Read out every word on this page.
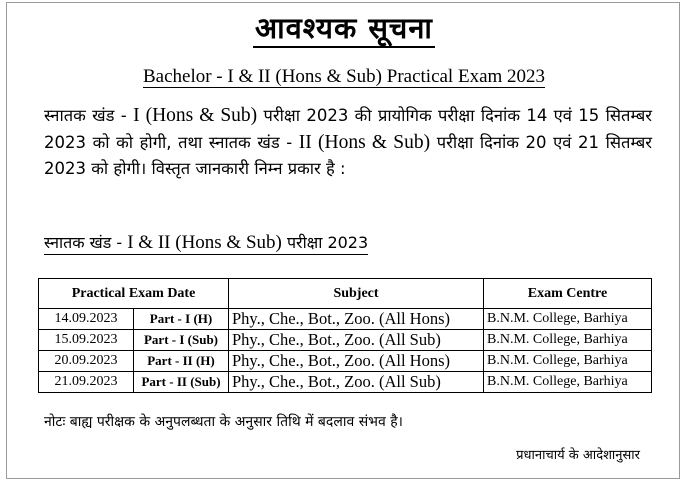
आवश्यक सूचना
Bachelor - I & II (Hons & Sub) Practical Exam 2023
स्नातक खंड - I (Hons & Sub) परीक्षा 2023 की प्रायोगिक परीक्षा दिनांक 14 एवं 15 सितम्बर 2023 को को होगी, तथा स्नातक खंड - II (Hons & Sub) परीक्षा दिनांक 20 एवं 21 सितम्बर 2023 को होगी। विस्तृत जानकारी निम्न प्रकार है :
स्नातक खंड - I & II (Hons & Sub) परीक्षा 2023
Practical Exam Date		Subject	Exam Centre
14.09.2023	Part - I (H)	Phy., Che., Bot., Zoo. (All Hons)	B.N.M. College, Barhiya
15.09.2023	Part - I (Sub)	Phy., Che., Bot., Zoo. (All Sub)	B.N.M. College, Barhiya
20.09.2023	Part - II (H)	Phy., Che., Bot., Zoo. (All Hons)	B.N.M. College, Barhiya
21.09.2023	Part - II (Sub)	Phy., Che., Bot., Zoo. (All Sub)	B.N.M. College, Barhiya
नोटः बाह्य परीक्षक के अनुपलब्धता के अनुसार तिथि में बदलाव संभव है।
प्रधानाचार्य के आदेशानुसार
